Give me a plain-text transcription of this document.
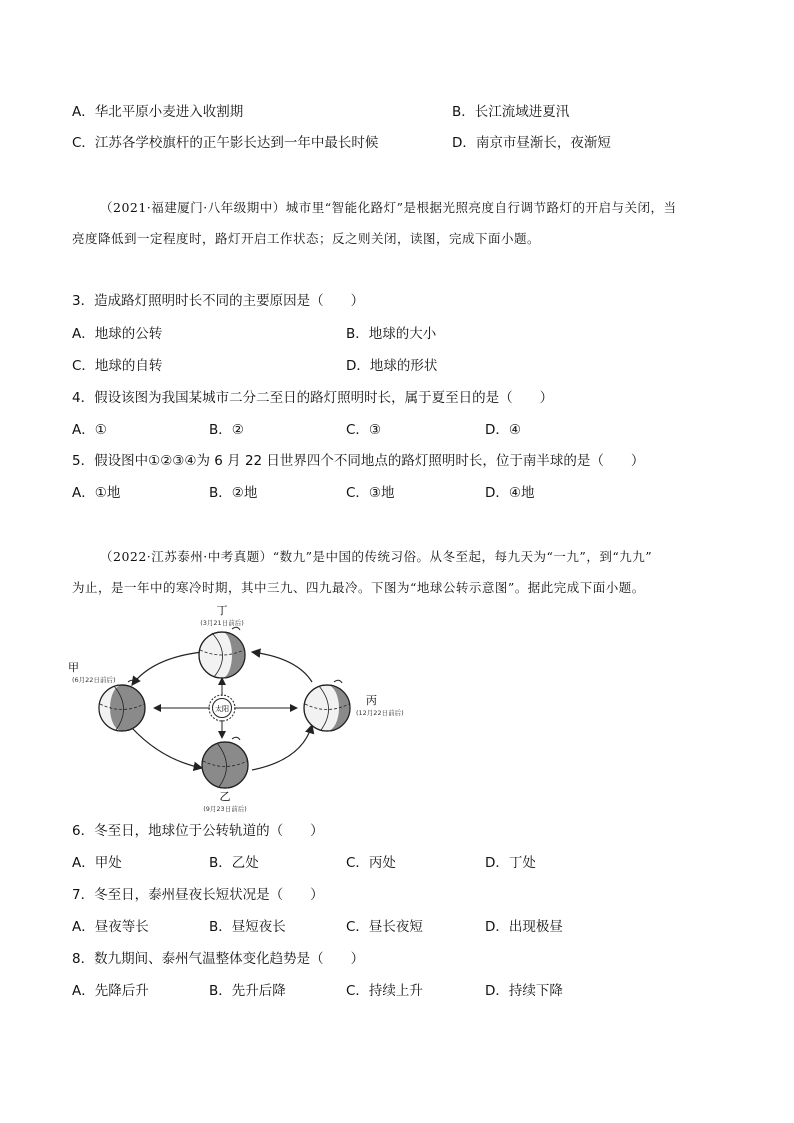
A．华北平原小麦进入收割期	B．长江流域进夏汛
C．江苏各学校旗杆的正午影长达到一年中最长时候	D．南京市昼渐长，夜渐短
（2021·福建厦门·八年级期中）城市里“智能化路灯”是根据光照亮度自行调节路灯的开启与关闭，当
亮度降低到一定程度时，路灯开启工作状态；反之则关闭，读图，完成下面小题。
3．造成路灯照明时长不同的主要原因是（　　）
A．地球的公转	B．地球的大小
C．地球的自转	D．地球的形状
4．假设该图为我国某城市二分二至日的路灯照明时长，属于夏至日的是（　　）
A．①	B．②	C．③	D．④
5．假设图中①②③④为 6 月 22 日世界四个不同地点的路灯照明时长，位于南半球的是（　　）
A．①地	B．②地	C．③地	D．④地
（2022·江苏泰州·中考真题）“数九”是中国的传统习俗。从冬至起，每九天为“一九”，到“九九”
为止，是一年中的寒冷时期，其中三九、四九最冷。下图为“地球公转示意图”。据此完成下面小题。
太阳
丁
(3月21日前后)
甲
(6月22日前后)
丙
(12月22日前后)
乙
(9月23日前后)
6．冬至日，地球位于公转轨道的（　　）
A．甲处	B．乙处	C．丙处	D．丁处
7．冬至日，泰州昼夜长短状况是（　　）
A．昼夜等长	B．昼短夜长	C．昼长夜短	D．出现极昼
8．数九期间、泰州气温整体变化趋势是（　　）
A．先降后升	B．先升后降	C．持续上升	D．持续下降
